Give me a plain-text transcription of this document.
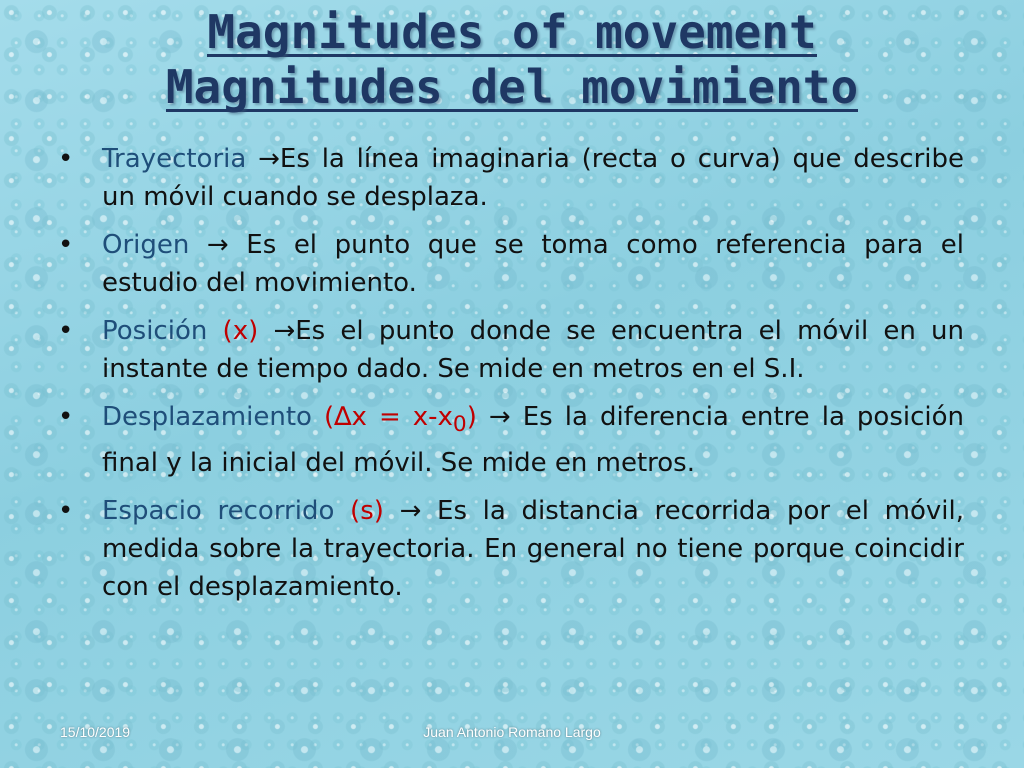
Magnitudes of movement
Magnitudes del movimiento
• Trayectoria →Es la línea imaginaria (recta o curva) que describe un móvil cuando se desplaza.
• Origen → Es el punto que se toma como referencia para el estudio del movimiento.
• Posición (x) →Es el punto donde se encuentra el móvil en un instante de tiempo dado. Se mide en metros en el S.I.
• Desplazamiento $(\Delta x = x-x_0) \to Es$ la diferencia entre la posición final y la inicial del móvil. Se mide en metros.
• Espacio recorrido (s) → Es la distancia recorrida por el móvil, medida sobre la trayectoria. En general no tiene porque coincidir con el desplazamiento.
15/10/2019	Juan Antonio Romano Largo
